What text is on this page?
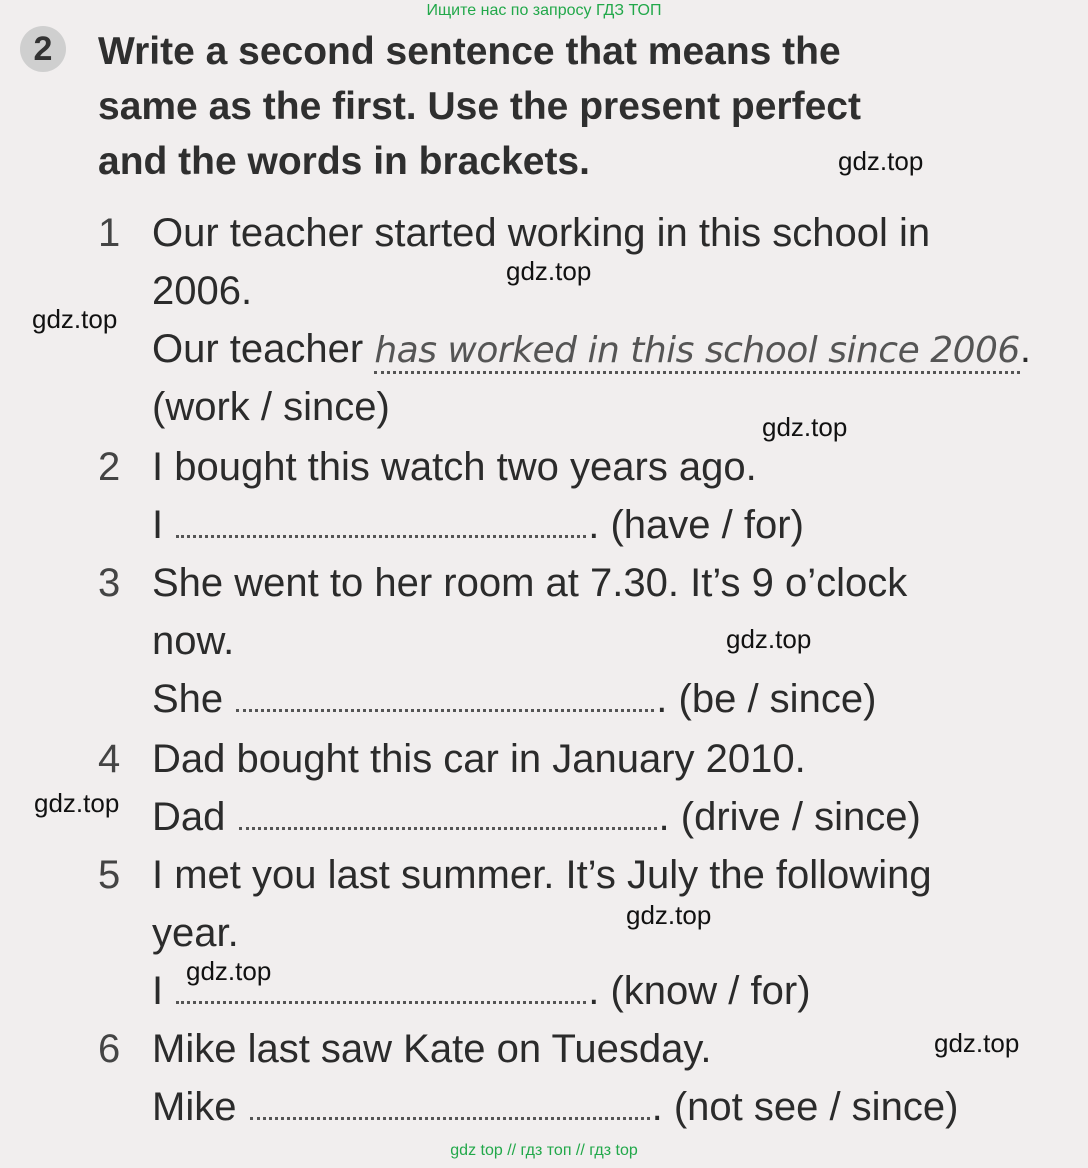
Ищите нас по запросу ГДЗ ТОП
2	Write a second sentence that means the
same as the first. Use the present perfect
and the words in brackets.
1 Our teacher started working in this school in
2006.
Our teacher has worked in this school since 2006.
(work / since)
2 I bought this watch two years ago.
I	. (have / for)
3 She went to her room at 7.30. It’s 9 o’clock
now.
She	. (be / since)
4 Dad bought this car in January 2010.
Dad	. (drive / since)
5 I met you last summer. It’s July the following
year.
I	. (know / for)
6 Mike last saw Kate on Tuesday.
Mike	. (not see / since)
gdz.top
gdz.top
gdz.top
gdz.top
gdz.top
gdz.top
gdz.top
gdz.top
gdz.top
gdz top // гдз топ // гдз top
